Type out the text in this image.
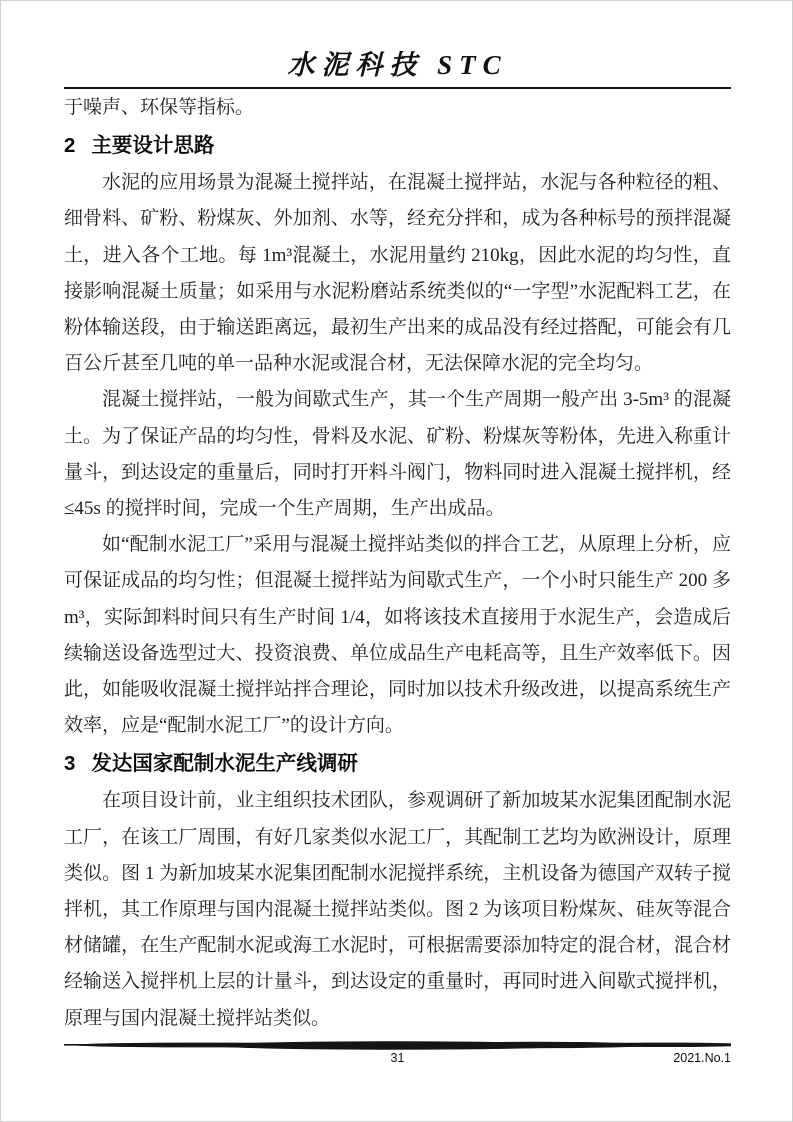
水泥科技 STC

于噪声、环保等指标。

2 主要设计思路

水泥的应用场景为混凝土搅拌站，在混凝土搅拌站，水泥与各种粒径的粗、细骨料、矿粉、粉煤灰、外加剂、水等，经充分拌和，成为各种标号的预拌混凝土，进入各个工地。每 1m³混凝土，水泥用量约 210kg，因此水泥的均匀性，直接影响混凝土质量；如采用与水泥粉磨站系统类似的“一字型”水泥配料工艺，在粉体输送段，由于输送距离远，最初生产出来的成品没有经过搭配，可能会有几百公斤甚至几吨的单一品种水泥或混合材，无法保障水泥的完全均匀。

混凝土搅拌站，一般为间歇式生产，其一个生产周期一般产出 3-5m³ 的混凝土。为了保证产品的均匀性，骨料及水泥、矿粉、粉煤灰等粉体，先进入称重计量斗，到达设定的重量后，同时打开料斗阀门，物料同时进入混凝土搅拌机，经≤45s 的搅拌时间，完成一个生产周期，生产出成品。

如“配制水泥工厂”采用与混凝土搅拌站类似的拌合工艺，从原理上分析，应可保证成品的均匀性；但混凝土搅拌站为间歇式生产，一个小时只能生产 200 多m³，实际卸料时间只有生产时间 1/4，如将该技术直接用于水泥生产，会造成后续输送设备选型过大、投资浪费、单位成品生产电耗高等，且生产效率低下。因此，如能吸收混凝土搅拌站拌合理论，同时加以技术升级改进，以提高系统生产效率，应是“配制水泥工厂”的设计方向。

3 发达国家配制水泥生产线调研

在项目设计前，业主组织技术团队，参观调研了新加坡某水泥集团配制水泥工厂，在该工厂周围，有好几家类似水泥工厂，其配制工艺均为欧洲设计，原理类似。图 1 为新加坡某水泥集团配制水泥搅拌系统，主机设备为德国产双转子搅拌机，其工作原理与国内混凝土搅拌站类似。图 2 为该项目粉煤灰、硅灰等混合材储罐，在生产配制水泥或海工水泥时，可根据需要添加特定的混合材，混合材经输送入搅拌机上层的计量斗，到达设定的重量时，再同时进入间歇式搅拌机，原理与国内混凝土搅拌站类似。

31	2021.No.1
